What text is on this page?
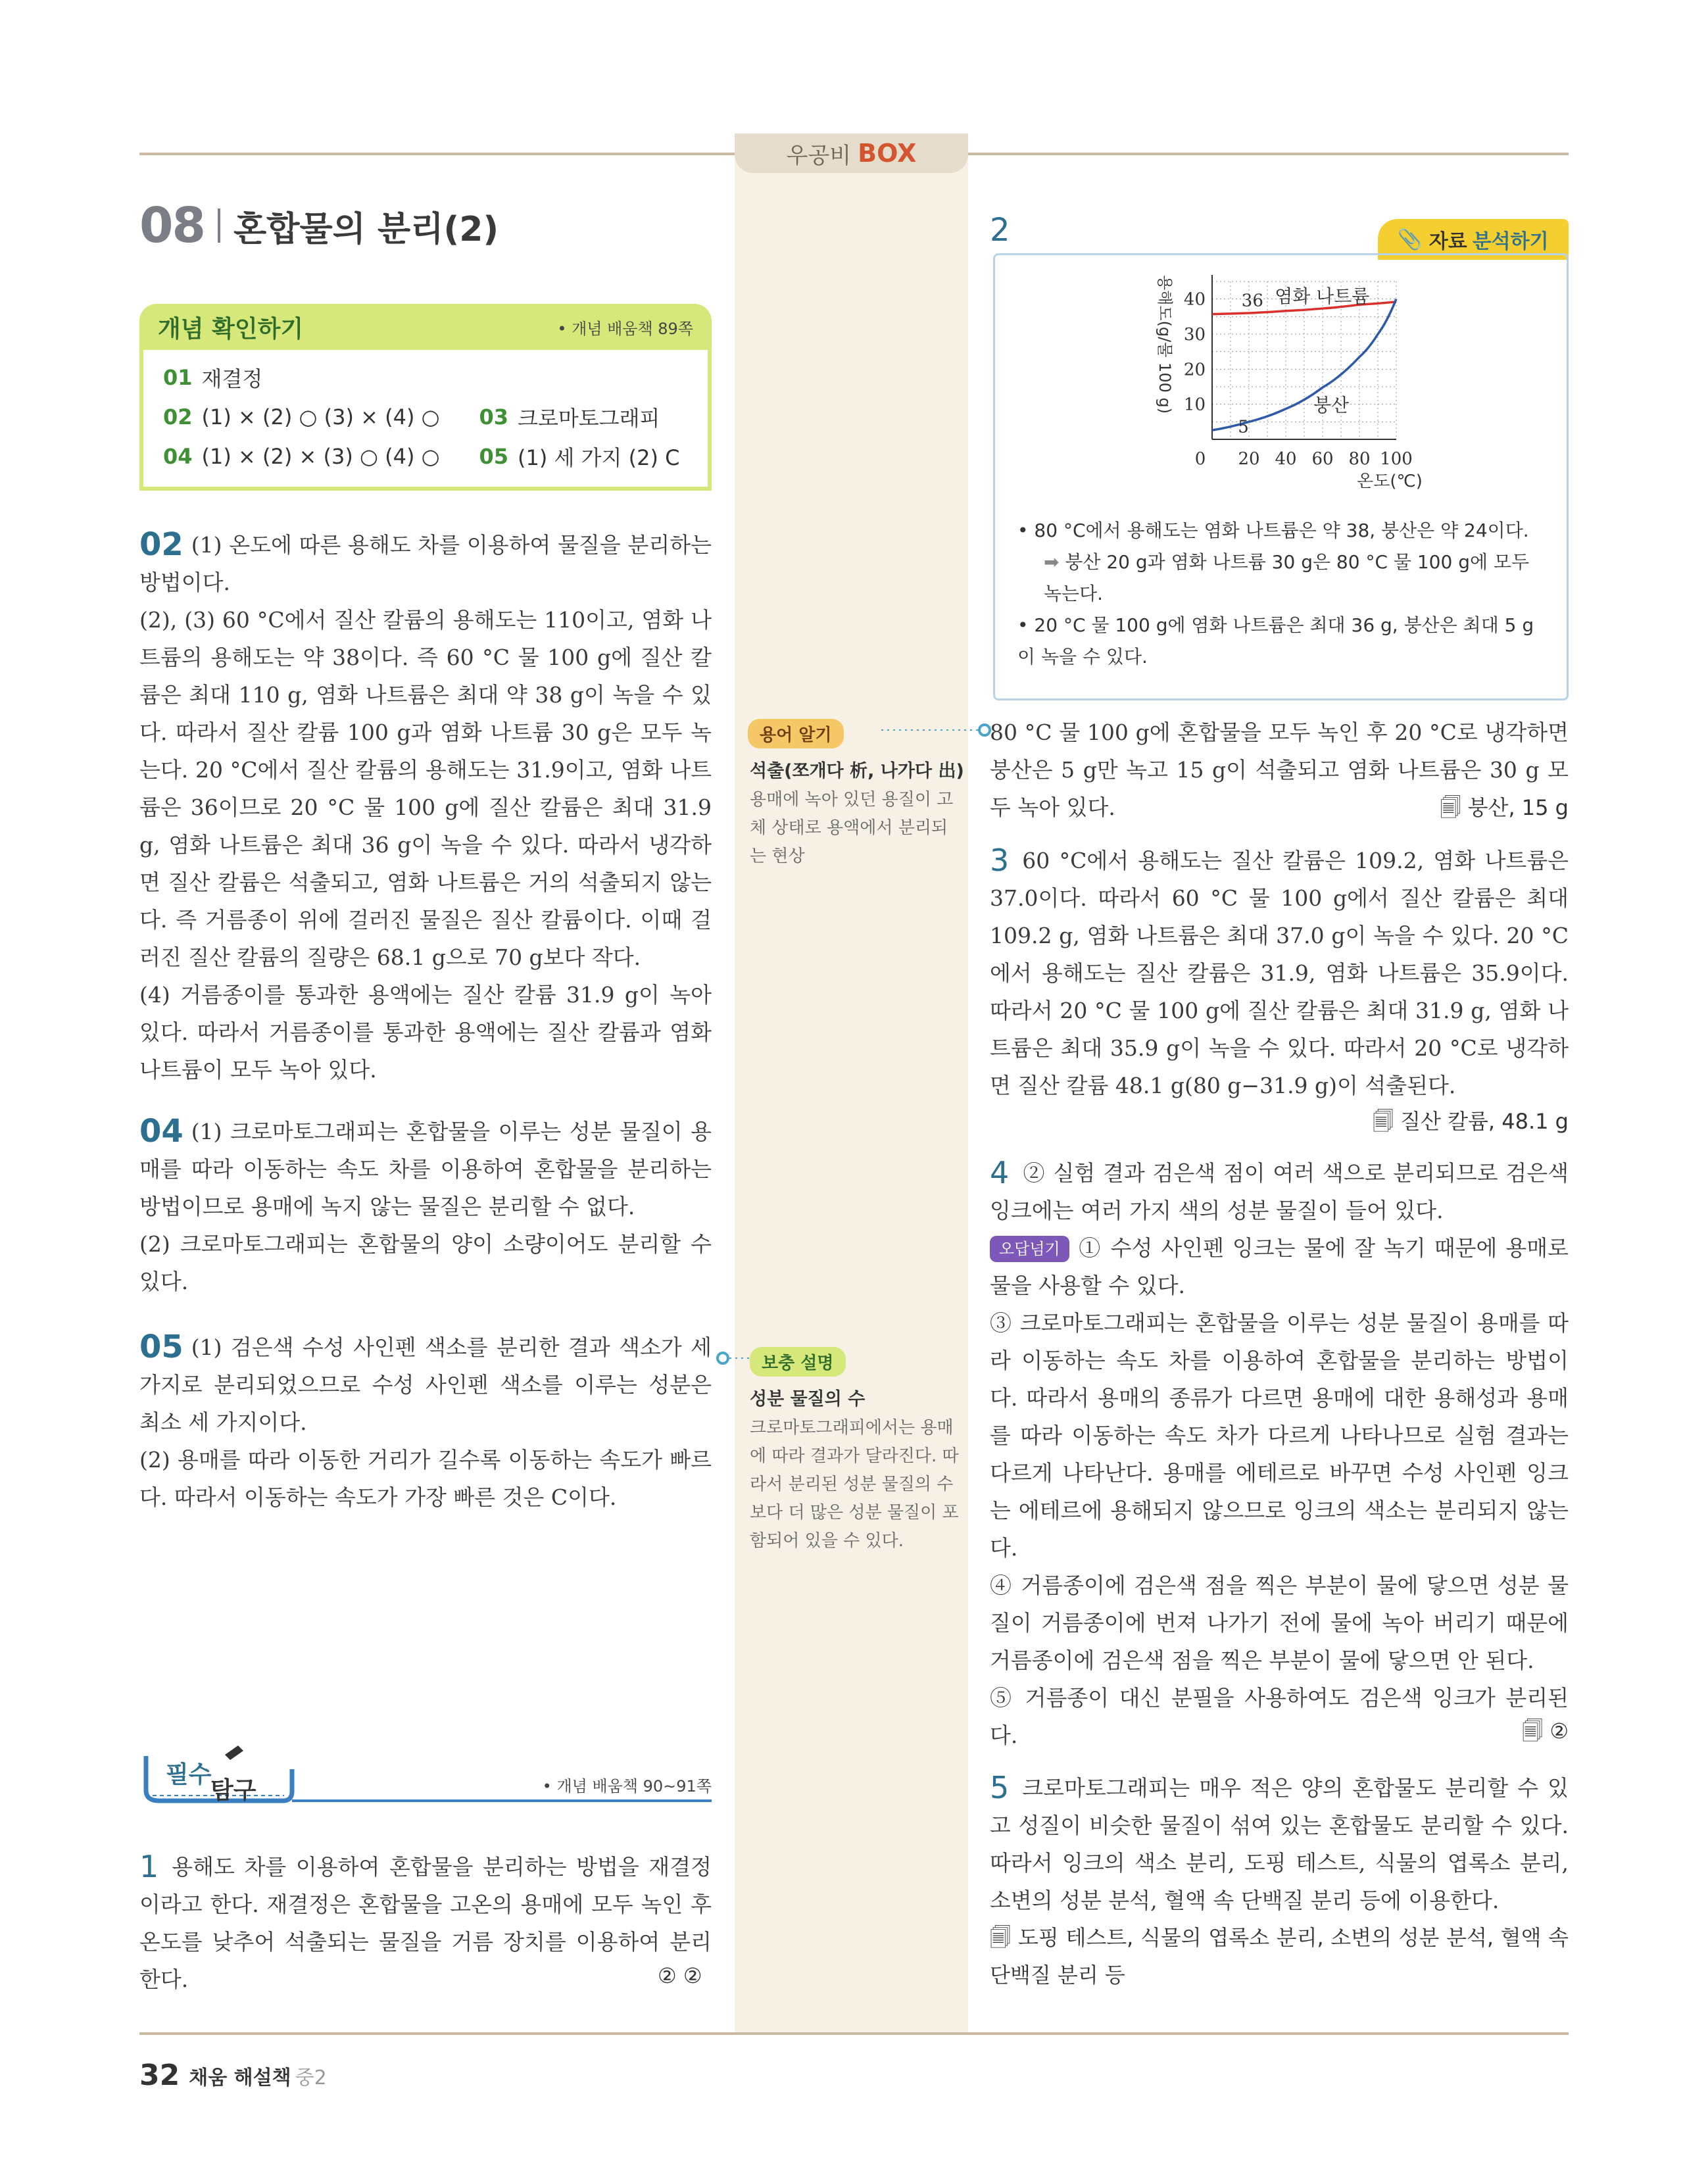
우공비 BOX
08 혼합물의 분리(2)
개념 확인하기	• 개념 배움책 89쪽
01 재결정
02 (1) × (2) ○ (3) × (4) ○ 03 크로마토그래피
04 (1) × (2) × (3) ○ (4) ○ 05 (1) 세 가지 (2) C
02 (1) 온도에 따른 용해도 차를 이용하여 물질을 분리하는 방법이다.
(2), (3) 60 °C에서 질산 칼륨의 용해도는 110이고, 염화 나트륨의 용해도는 약 38이다. 즉 60 °C 물 100 g에 질산 칼륨은 최대 110 g, 염화 나트륨은 최대 약 38 g이 녹을 수 있다. 따라서 질산 칼륨 100 g과 염화 나트륨 30 g은 모두 녹는다. 20 °C에서 질산 칼륨의 용해도는 31.9이고, 염화 나트륨은 36이므로 20 °C 물 100 g에 질산 칼륨은 최대 31.9 g, 염화 나트륨은 최대 36 g이 녹을 수 있다. 따라서 냉각하면 질산 칼륨은 석출되고, 염화 나트륨은 거의 석출되지 않는다. 즉 거름종이 위에 걸러진 물질은 질산 칼륨이다. 이때 걸러진 질산 칼륨의 질량은 68.1 g으로 70 g보다 작다.
(4) 거름종이를 통과한 용액에는 질산 칼륨 31.9 g이 녹아 있다. 따라서 거름종이를 통과한 용액에는 질산 칼륨과 염화 나트륨이 모두 녹아 있다.
04 (1) 크로마토그래피는 혼합물을 이루는 성분 물질이 용매를 따라 이동하는 속도 차를 이용하여 혼합물을 분리하는 방법이므로 용매에 녹지 않는 물질은 분리할 수 없다.
(2) 크로마토그래피는 혼합물의 양이 소량이어도 분리할 수 있다.
05 (1) 검은색 수성 사인펜 색소를 분리한 결과 색소가 세 가지로 분리되었으므로 수성 사인펜 색소를 이루는 성분은 최소 세 가지이다.
(2) 용매를 따라 이동한 거리가 길수록 이동하는 속도가 빠르다. 따라서 이동하는 속도가 가장 빠른 것은 C이다.
필수
탐구	• 개념 배움책 90~91쪽
1 용해도 차를 이용하여 혼합물을 분리하는 방법을 재결정이라고 한다. 재결정은 혼합물을 고온의 용매에 모두 녹인 후 온도를 낮추어 석출되는 물질을 거름 장치를 이용하여 분리한다.	② ②
용어 알기
석출(쪼개다 析, 나가다 出)
용매에 녹아 있던 용질이 고체 상태로 용액에서 분리되는 현상
보충 설명
성분 물질의 수
크로마토그래피에서는 용매에 따라 결과가 달라진다. 따라서 분리된 성분 물질의 수보다 더 많은 성분 물질이 포함되어 있을 수 있다.
2	📎 자료 분석하기
0 20 40 60 80 100
10
20
30
40
온도(℃)
용해도(g/물 100 g)	염화 나트륨
붕산
36
5
• 80 °C에서 용해도는 염화 나트륨은 약 38, 붕산은 약 24이다.
➡ 붕산 20 g과 염화 나트륨 30 g은 80 °C 물 100 g에 모두 녹는다.
• 20 °C 물 100 g에 염화 나트륨은 최대 36 g, 붕산은 최대 5 g이 녹을 수 있다.
80 °C 물 100 g에 혼합물을 모두 녹인 후 20 °C로 냉각하면 붕산은 5 g만 녹고 15 g이 석출되고 염화 나트륨은 30 g 모두 녹아 있다.	🗐 붕산, 15 g
3 60 °C에서 용해도는 질산 칼륨은 109.2, 염화 나트륨은 37.0이다. 따라서 60 °C 물 100 g에서 질산 칼륨은 최대 109.2 g, 염화 나트륨은 최대 37.0 g이 녹을 수 있다. 20 °C에서 용해도는 질산 칼륨은 31.9, 염화 나트륨은 35.9이다. 따라서 20 °C 물 100 g에 질산 칼륨은 최대 31.9 g, 염화 나트륨은 최대 35.9 g이 녹을 수 있다. 따라서 20 °C로 냉각하면 질산 칼륨 48.1 g(80 g−31.9 g)이 석출된다.
🗐 질산 칼륨, 48.1 g
4 ② 실험 결과 검은색 점이 여러 색으로 분리되므로 검은색 잉크에는 여러 가지 색의 성분 물질이 들어 있다.
오답넘기 ① 수성 사인펜 잉크는 물에 잘 녹기 때문에 용매로 물을 사용할 수 있다.
③ 크로마토그래피는 혼합물을 이루는 성분 물질이 용매를 따라 이동하는 속도 차를 이용하여 혼합물을 분리하는 방법이다. 따라서 용매의 종류가 다르면 용매에 대한 용해성과 용매를 따라 이동하는 속도 차가 다르게 나타나므로 실험 결과는 다르게 나타난다. 용매를 에테르로 바꾸면 수성 사인펜 잉크는 에테르에 용해되지 않으므로 잉크의 색소는 분리되지 않는다.
④ 거름종이에 검은색 점을 찍은 부분이 물에 닿으면 성분 물질이 거름종이에 번져 나가기 전에 물에 녹아 버리기 때문에 거름종이에 검은색 점을 찍은 부분이 물에 닿으면 안 된다.
⑤ 거름종이 대신 분필을 사용하여도 검은색 잉크가 분리된다.	🗐 ②
5 크로마토그래피는 매우 적은 양의 혼합물도 분리할 수 있고 성질이 비슷한 물질이 섞여 있는 혼합물도 분리할 수 있다. 따라서 잉크의 색소 분리, 도핑 테스트, 식물의 엽록소 분리, 소변의 성분 분석, 혈액 속 단백질 분리 등에 이용한다.
🗐 도핑 테스트, 식물의 엽록소 분리, 소변의 성분 분석, 혈액 속 단백질 분리 등
32 채움 해설책 중2
